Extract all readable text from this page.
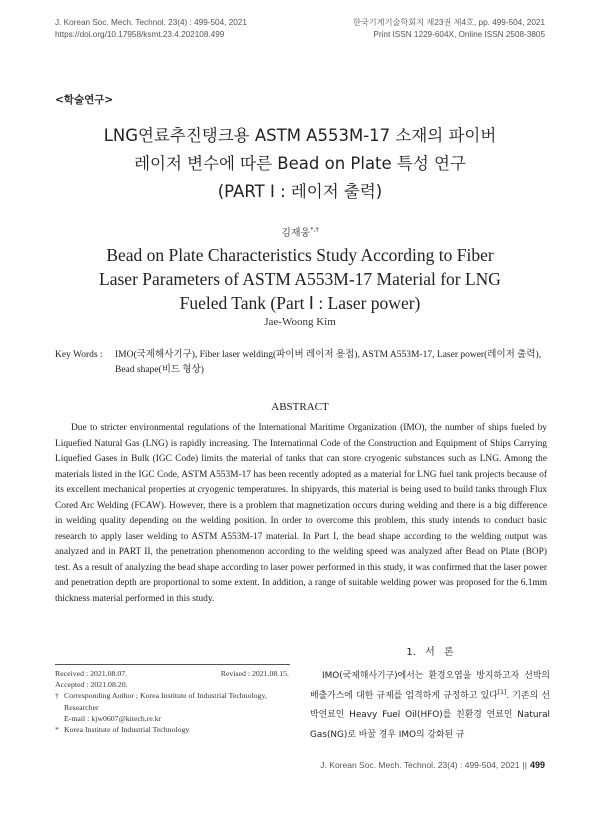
J. Korean Soc. Mech. Technol. 23(4) : 499-504, 2021
https://doi.org/10.17958/ksmt.23.4.202108.499
한국기계기술학회지 제23권 제4호, pp. 499-504, 2021
Print ISSN 1229-604X, Online ISSN 2508-3805
<학술연구>
LNG연료추진탱크용 ASTM A553M-17 소재의 파이버
레이저 변수에 따른 Bead on Plate 특성 연구
(PART Ⅰ : 레이저 출력)
김재웅*,†
Bead on Plate Characteristics Study According to Fiber
Laser Parameters of ASTM A553M-17 Material for LNG
Fueled Tank (Part Ⅰ : Laser power)
Jae-Woong Kim
Key Words :	IMO(국제해사기구), Fiber laser welding(파이버 레이저 용접), ASTM A553M-17, Laser power(레이저 출력), Bead shape(비드 형상)
ABSTRACT
Due to stricter environmental regulations of the International Maritime Organization (IMO), the number of ships fueled by Liquefied Natural Gas (LNG) is rapidly increasing. The International Code of the Construction and Equipment of Ships Carrying Liquefied Gases in Bulk (IGC Code) limits the material of tanks that can store cryogenic substances such as LNG. Among the materials listed in the IGC Code, ASTM A553M-17 has been recently adopted as a material for LNG fuel tank projects because of its excellent mechanical properties at cryogenic temperatures. In shipyards, this material is being used to build tanks through Flux Cored Arc Welding (FCAW). However, there is a problem that magnetization occurs during welding and there is a big difference in welding quality depending on the welding position. In order to overcome this problem, this study intends to conduct basic research to apply laser welding to ASTM A553M-17 material. In Part I, the bead shape according to the welding output was analyzed and in PART II, the penetration phenomenon according to the welding speed was analyzed after Bead on Plate (BOP) test. As a result of analyzing the bead shape according to laser power performed in this study, it was confirmed that the laser power and penetration depth are proportional to some extent. In addition, a range of suitable welding power was proposed for the 6.1mm thickness material performed in this study.
1. 서 론
IMO(국제해사기구)에서는 환경오염을 방지하고자 선박의 배출가스에 대한 규제를 엄격하게 규정하고 있다[1]. 기존의 선박연료인 Heavy Fuel Oil(HFO)를 친환경 연료인 Natural Gas(NG)로 바꿀 경우 IMO의 강화된 규
Received : 2021.08.07.	Revised : 2021.08.15.
Accepted : 2021.08.20.
† Corresponding Author ; Korea Institute of Industrial Technology, Researcher
E-mail : kjw0607@kitech.re.kr
* Korea Institute of Industrial Technology
J. Korean Soc. Mech. Technol. 23(4) : 499-504, 2021 || 499
